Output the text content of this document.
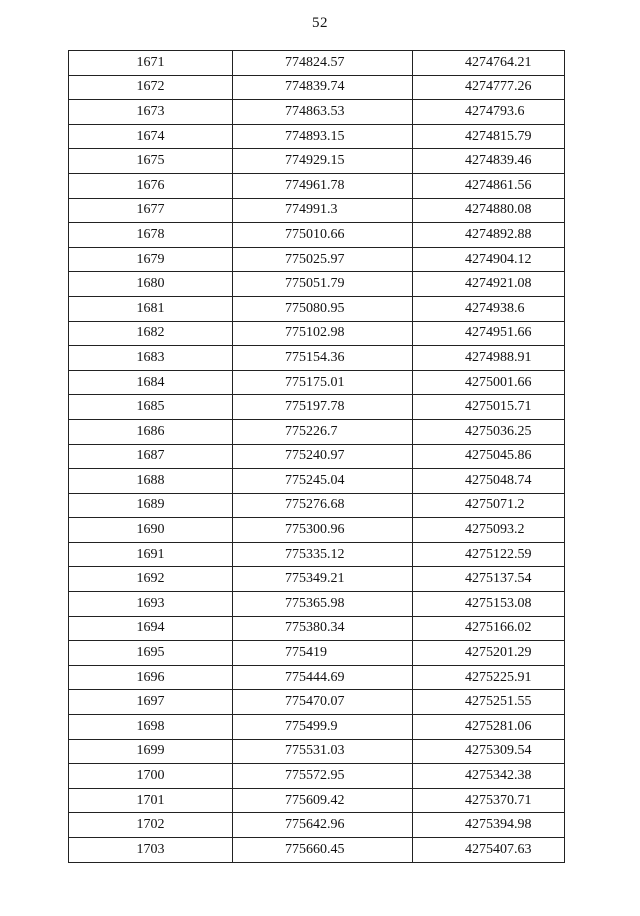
52
1671	774824.57	4274764.21
1672	774839.74	4274777.26
1673	774863.53	4274793.6
1674	774893.15	4274815.79
1675	774929.15	4274839.46
1676	774961.78	4274861.56
1677	774991.3	4274880.08
1678	775010.66	4274892.88
1679	775025.97	4274904.12
1680	775051.79	4274921.08
1681	775080.95	4274938.6
1682	775102.98	4274951.66
1683	775154.36	4274988.91
1684	775175.01	4275001.66
1685	775197.78	4275015.71
1686	775226.7	4275036.25
1687	775240.97	4275045.86
1688	775245.04	4275048.74
1689	775276.68	4275071.2
1690	775300.96	4275093.2
1691	775335.12	4275122.59
1692	775349.21	4275137.54
1693	775365.98	4275153.08
1694	775380.34	4275166.02
1695	775419	4275201.29
1696	775444.69	4275225.91
1697	775470.07	4275251.55
1698	775499.9	4275281.06
1699	775531.03	4275309.54
1700	775572.95	4275342.38
1701	775609.42	4275370.71
1702	775642.96	4275394.98
1703	775660.45	4275407.63
